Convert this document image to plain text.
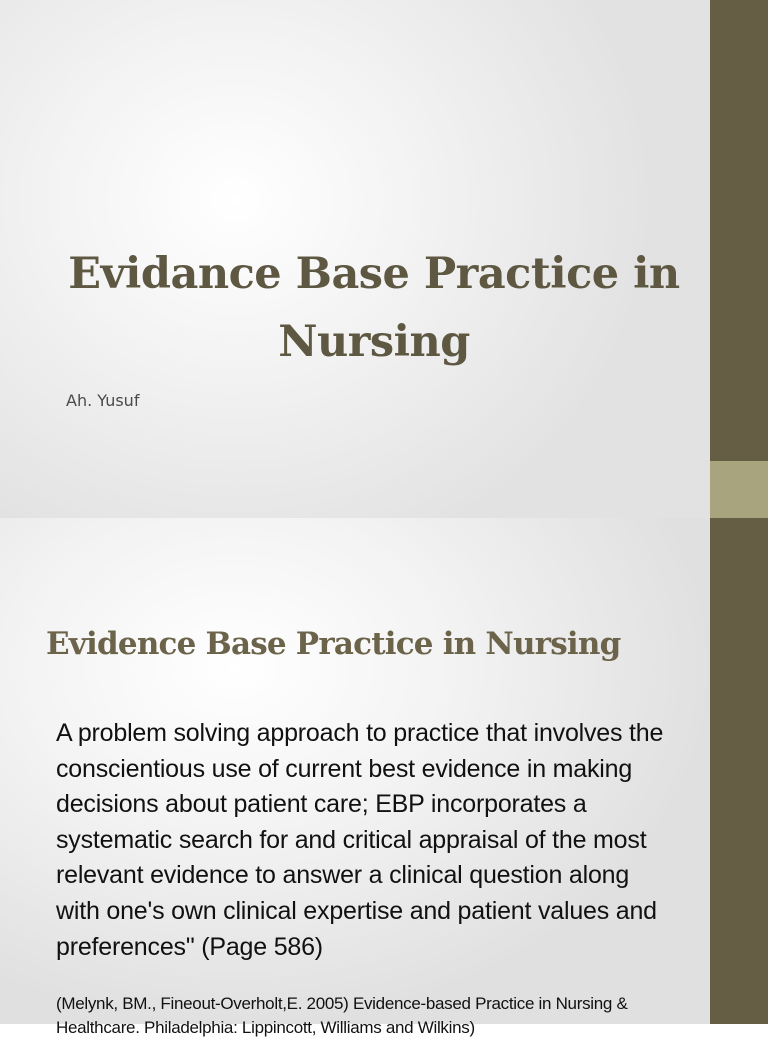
Evidance Base Practice in Nursing
Ah. Yusuf
Evidence Base Practice in Nursing
A problem solving approach to practice that involves the conscientious use of current best evidence in making decisions about patient care; EBP incorporates a systematic search for and critical appraisal of the most relevant evidence to answer a clinical question along with one's own clinical expertise and patient values and preferences" (Page 586)
(Melynk, BM., Fineout-Overholt,E. 2005) Evidence-based Practice in Nursing & Healthcare. Philadelphia: Lippincott, Williams and Wilkins)
